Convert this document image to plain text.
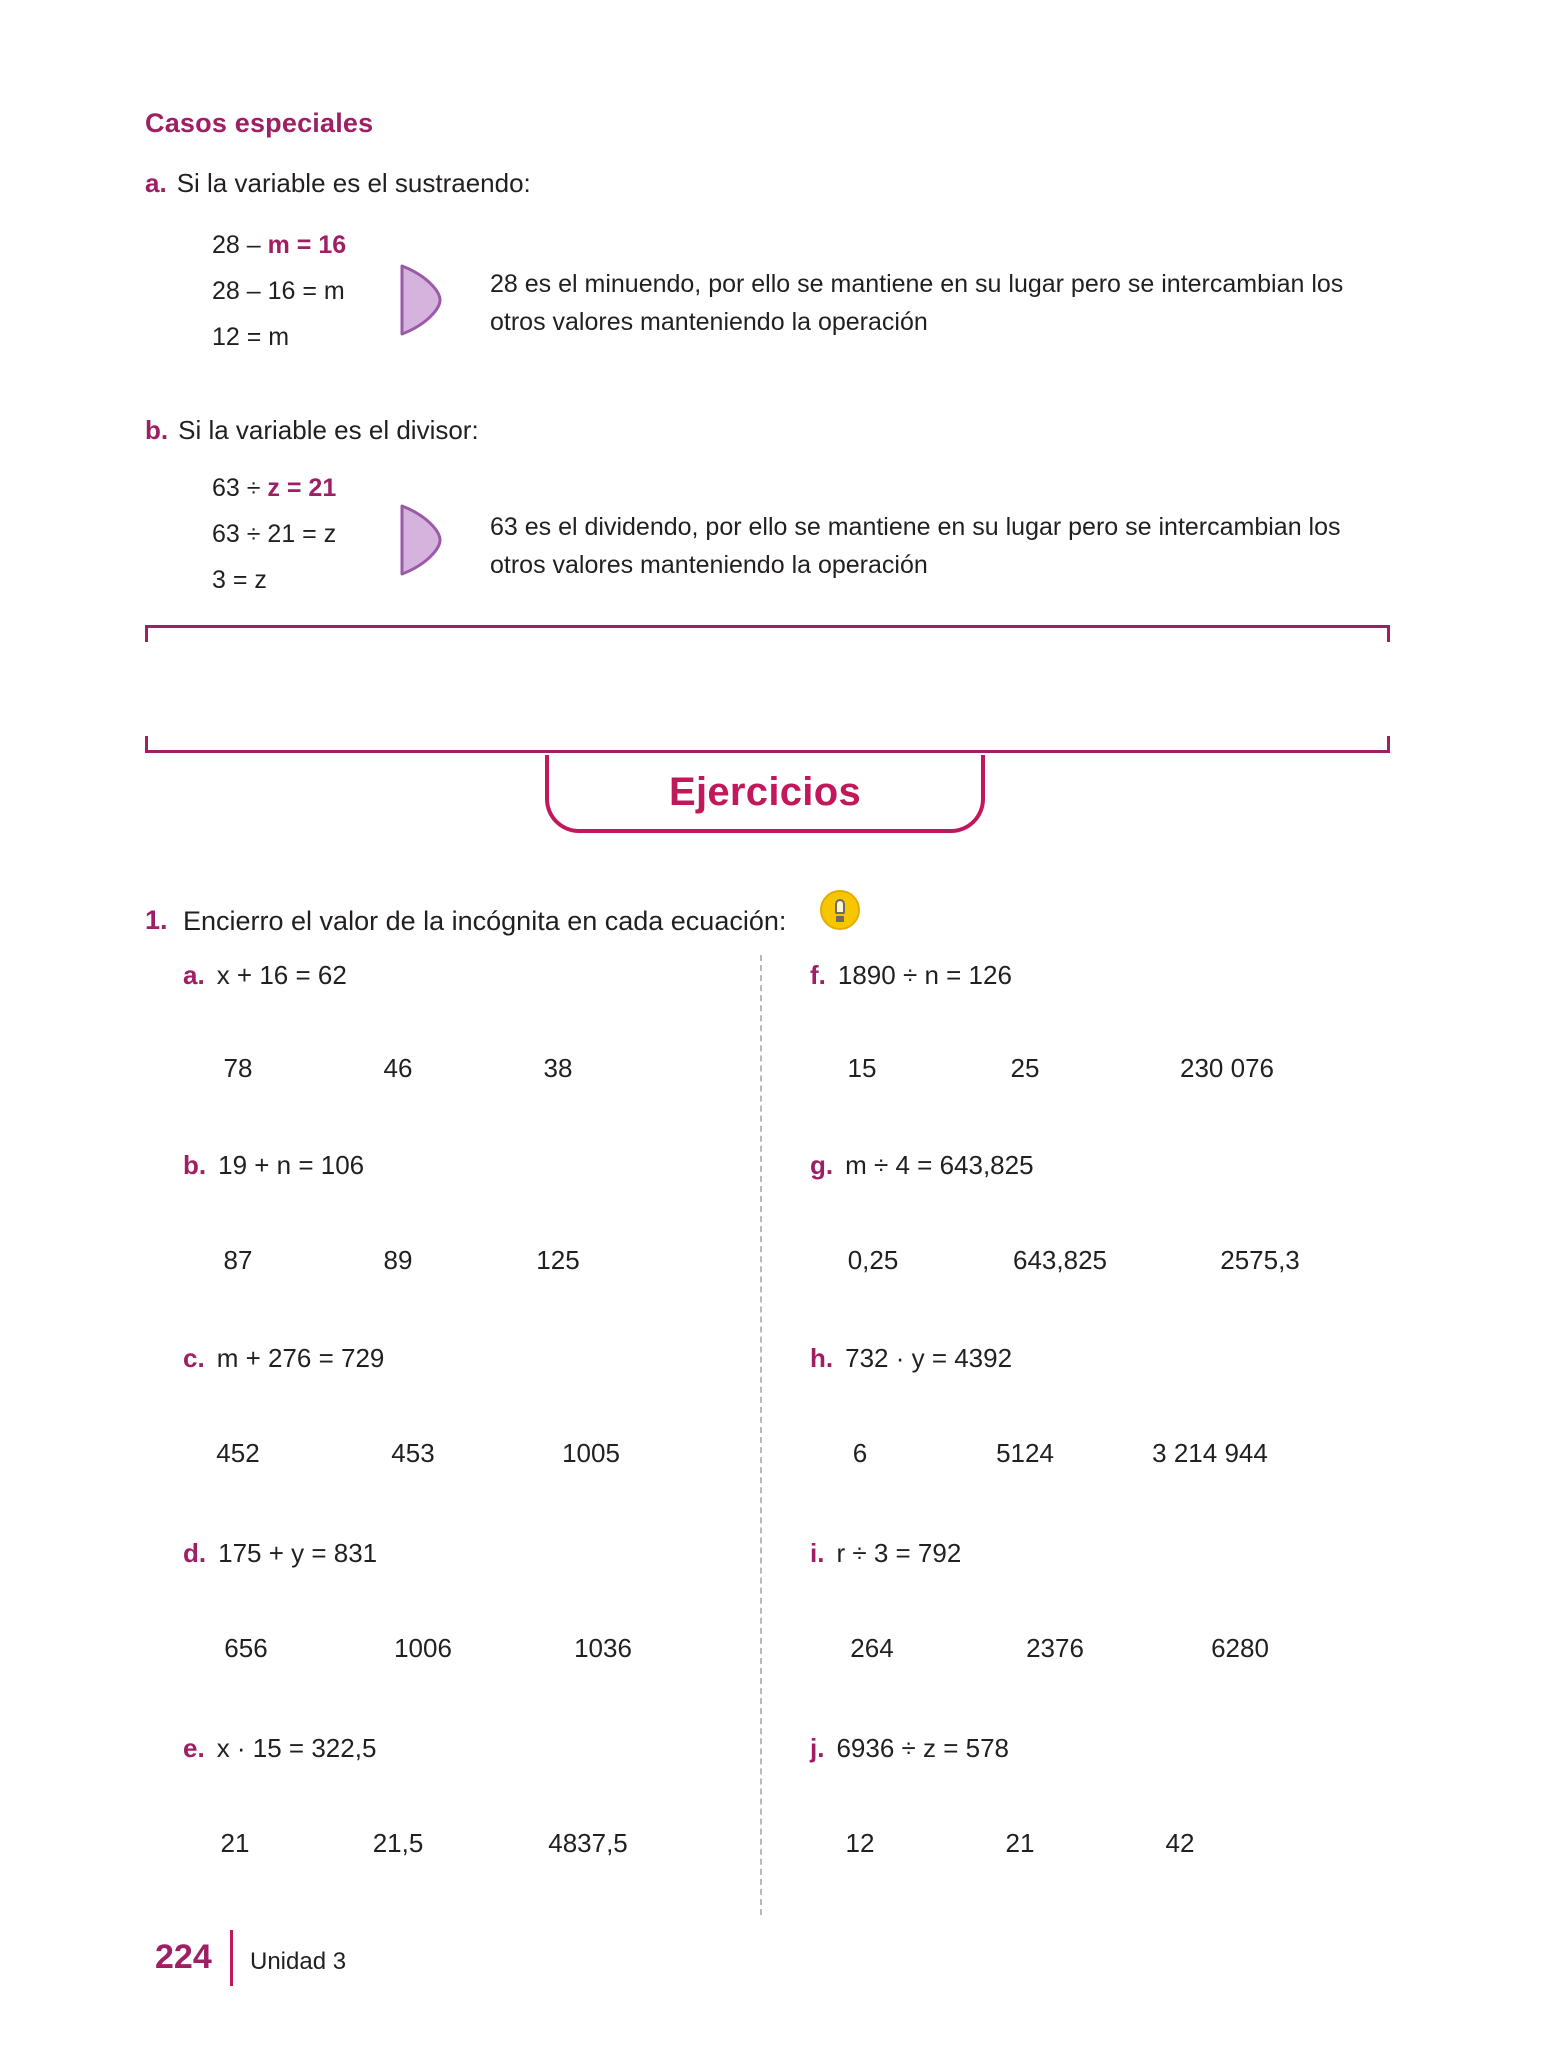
Casos especiales
a. Si la variable es el sustraendo:
28 – m = 16
28 – 16 = m
12 = m
28 es el minuendo, por ello se mantiene en su lugar pero se intercambian los otros valores manteniendo la operación
b. Si la variable es el divisor:
63 ÷ z = 21
63 ÷ 21 = z
3 = z
63 es el dividendo, por ello se mantiene en su lugar pero se intercambian los otros valores manteniendo la operación
Ejercicios
1. Encierro el valor de la incógnita en cada ecuación:
a. x + 16 = 62
78	46	38
b. 19 + n = 106
87	89	125
c. m + 276 = 729
452	453	1005
d. 175 + y = 831
656	1006	1036
e. x · 15 = 322,5
21	21,5	4837,5
f. 1890 ÷ n = 126
15	25	230 076
g. m ÷ 4 = 643,825
0,25	643,825	2575,3
h. 732 · y = 4392
6	5124	3 214 944
i. r ÷ 3 = 792
264	2376	6280
j. 6936 ÷ z = 578
12	21	42
224 Unidad 3
